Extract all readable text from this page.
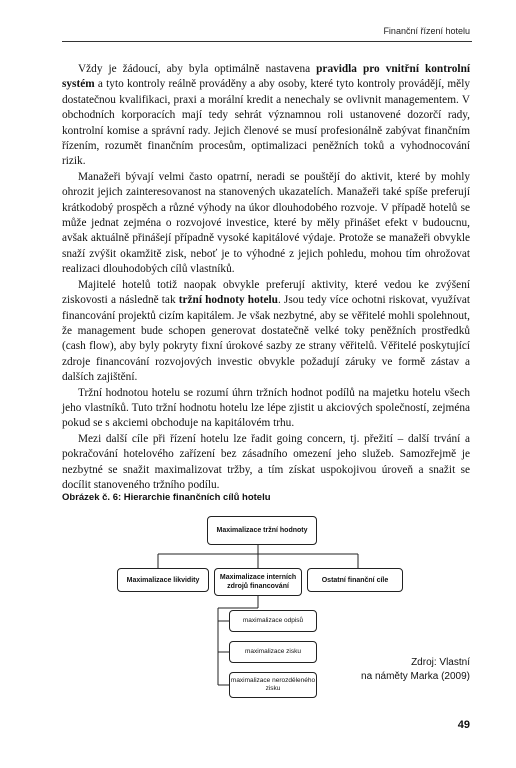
Finanční řízení hotelu

Vždy je žádoucí, aby byla optimálně nastavena pravidla pro vnitřní kontrolní systém a tyto kontroly reálně prováděny a aby osoby, které tyto kontroly provádějí, měly dostatečnou kvalifikaci, praxi a morální kredit a nenechaly se ovlivnit managementem. V obchodních korporacích mají tedy sehrát významnou roli ustanovené dozorčí rady, kontrolní komise a správní rady. Jejich členové se musí profesionálně zabývat finančním řízením, rozumět finančním procesům, optimalizaci peněžních toků a vyhodnocování rizik.

Manažeři bývají velmi často opatrní, neradi se pouštějí do aktivit, které by mohly ohrozit jejich zainteresovanost na stanovených ukazatelích. Manažeři také spíše preferují krátkodobý prospěch a různé výhody na úkor dlouhodobého rozvoje. V případě hotelů se může jednat zejména o rozvojové investice, které by měly přinášet efekt v budoucnu, avšak aktuálně přinášejí případně vysoké kapitálové výdaje. Protože se manažeři obvykle snaží zvýšit okamžitě zisk, neboť je to výhodné z jejich pohledu, mohou tím ohrožovat realizaci dlouhodobých cílů vlastníků.

Majitelé hotelů totiž naopak obvykle preferují aktivity, které vedou ke zvýšení ziskovosti a následně tak tržní hodnoty hotelu. Jsou tedy více ochotni riskovat, využívat financování projektů cizím kapitálem. Je však nezbytné, aby se věřitelé mohli spolehnout, že management bude schopen generovat dostatečně velké toky peněžních prostředků (cash flow), aby byly pokryty fixní úrokové sazby ze strany věřitelů. Věřitelé poskytující zdroje financování rozvojových investic obvykle požadují záruky ve formě zástav a dalších zajištění.

Tržní hodnotou hotelu se rozumí úhrn tržních hodnot podílů na majetku hotelu všech jeho vlastníků. Tuto tržní hodnotu hotelu lze lépe zjistit u akciových společností, zejména pokud se s akciemi obchoduje na kapitálovém trhu.

Mezi další cíle při řízení hotelu lze řadit going concern, tj. přežití – další trvání a pokračování hotelového zařízení bez zásadního omezení jeho služeb. Samozřejmě je nezbytné se snažit maximalizovat tržby, a tím získat uspokojivou úroveň a snažit se docílit stanoveného tržního podílu.

Obrázek č. 6: Hierarchie finančních cílů hotelu
Maximalizace tržní hodnoty
Maximalizace likvidity	Maximalizace interních zdrojů financování
Ostatní finanční cíle
maximalizace odpisů
maximalizace zisku
maximalizace nerozděleného zisku
Zdroj: Vlastní
na náměty Marka (2009)
49
